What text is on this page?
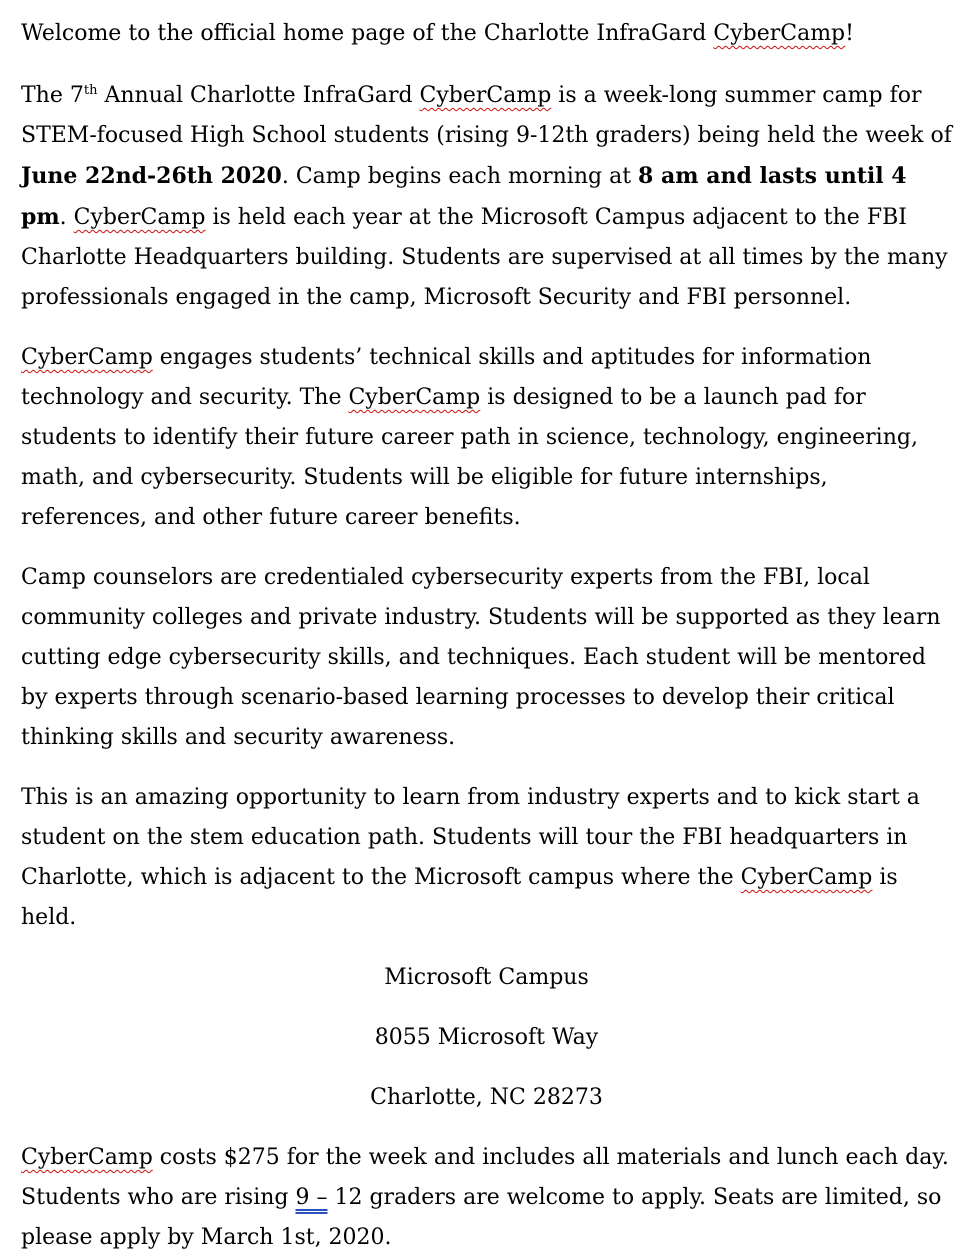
Welcome to the official home page of the Charlotte InfraGard CyberCamp!

The 7th Annual Charlotte InfraGard CyberCamp is a week-long summer camp for STEM-focused High School students (rising 9-12th graders) being held the week of June 22nd-26th 2020. Camp begins each morning at 8 am and lasts until 4 pm. CyberCamp is held each year at the Microsoft Campus adjacent to the FBI Charlotte Headquarters building. Students are supervised at all times by the many professionals engaged in the camp, Microsoft Security and FBI personnel.

CyberCamp engages students’ technical skills and aptitudes for information technology and security. The CyberCamp is designed to be a launch pad for students to identify their future career path in science, technology, engineering, math, and cybersecurity. Students will be eligible for future internships, references, and other future career benefits.

Camp counselors are credentialed cybersecurity experts from the FBI, local community colleges and private industry. Students will be supported as they learn cutting edge cybersecurity skills, and techniques. Each student will be mentored by experts through scenario-based learning processes to develop their critical thinking skills and security awareness.

This is an amazing opportunity to learn from industry experts and to kick start a student on the stem education path. Students will tour the FBI headquarters in Charlotte, which is adjacent to the Microsoft campus where the CyberCamp is held.

Microsoft Campus

8055 Microsoft Way

Charlotte, NC 28273

CyberCamp costs $275 for the week and includes all materials and lunch each day. Students who are rising 9 – 12 graders are welcome to apply. Seats are limited, so please apply by March 1st, 2020.
